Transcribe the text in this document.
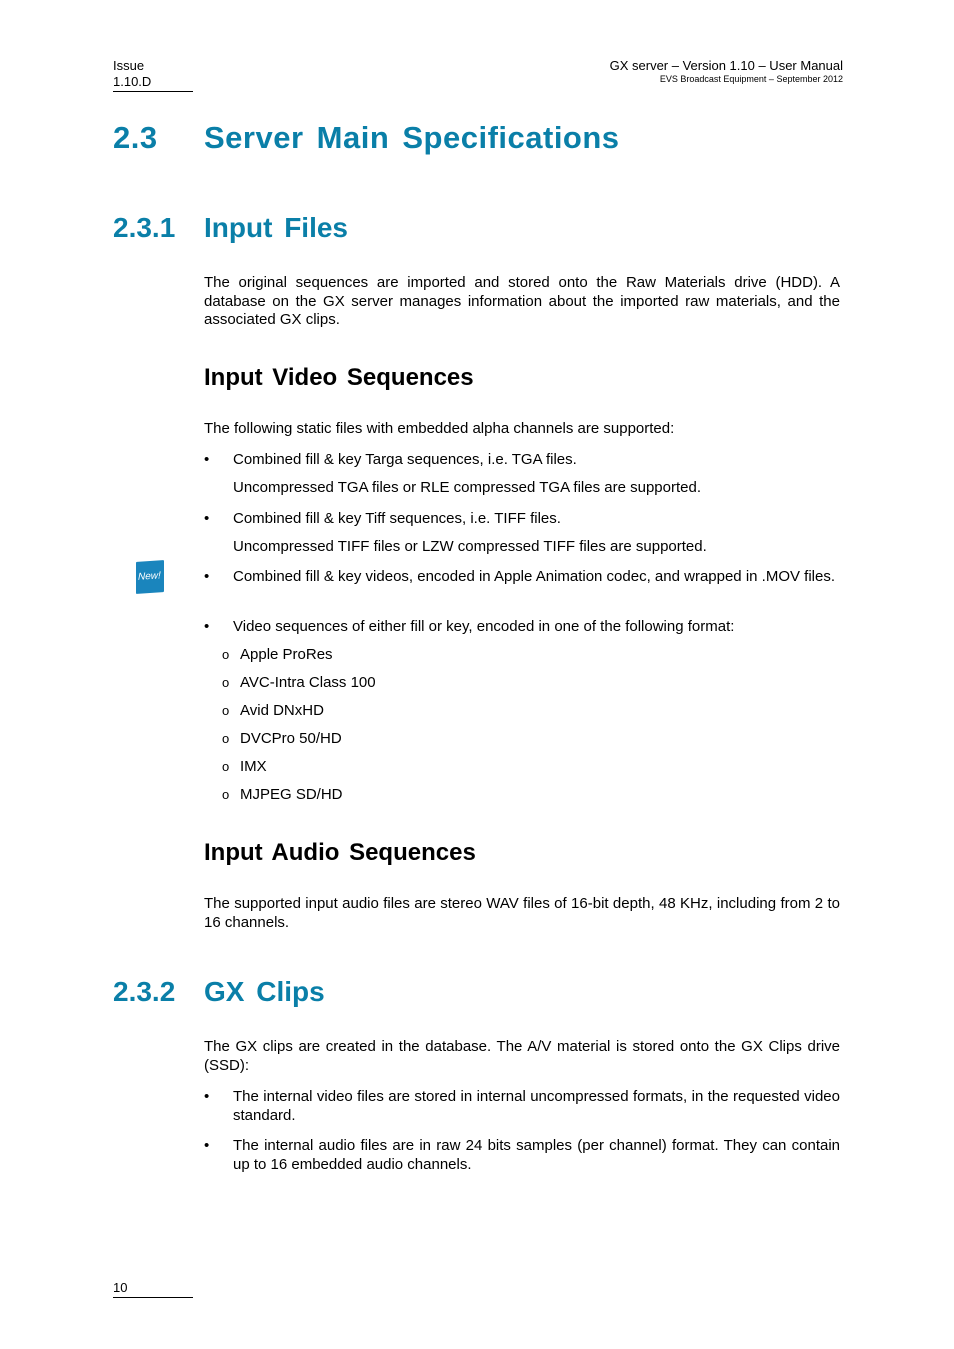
Issue
1.10.D
GX server – Version 1.10 – User Manual
EVS Broadcast Equipment – September 2012
2.3 Server Main Specifications
2.3.1 Input Files
The original sequences are imported and stored onto the Raw Materials drive (HDD). A database on the GX server manages information about the imported raw materials, and the associated GX clips.
Input Video Sequences
The following static files with embedded alpha channels are supported:
•	Combined fill & key Targa sequences, i.e. TGA files.
Uncompressed TGA files or RLE compressed TGA files are supported.
•	Combined fill & key Tiff sequences, i.e. TIFF files.
Uncompressed TIFF files or LZW compressed TIFF files are supported.
New!	•	Combined fill & key videos, encoded in Apple Animation codec, and wrapped in .MOV files.
•	Video sequences of either fill or key, encoded in one of the following format:
o Apple ProRes
o AVC-Intra Class 100
o Avid DNxHD
o DVCPro 50/HD
o IMX
o MJPEG SD/HD
Input Audio Sequences
The supported input audio files are stereo WAV files of 16-bit depth, 48 KHz, including from 2 to 16 channels.
2.3.2 GX Clips
The GX clips are created in the database. The A/V material is stored onto the GX Clips drive (SSD):
•	The internal video files are stored in internal uncompressed formats, in the requested video standard.
•	The internal audio files are in raw 24 bits samples (per channel) format. They can contain up to 16 embedded audio channels.
10
